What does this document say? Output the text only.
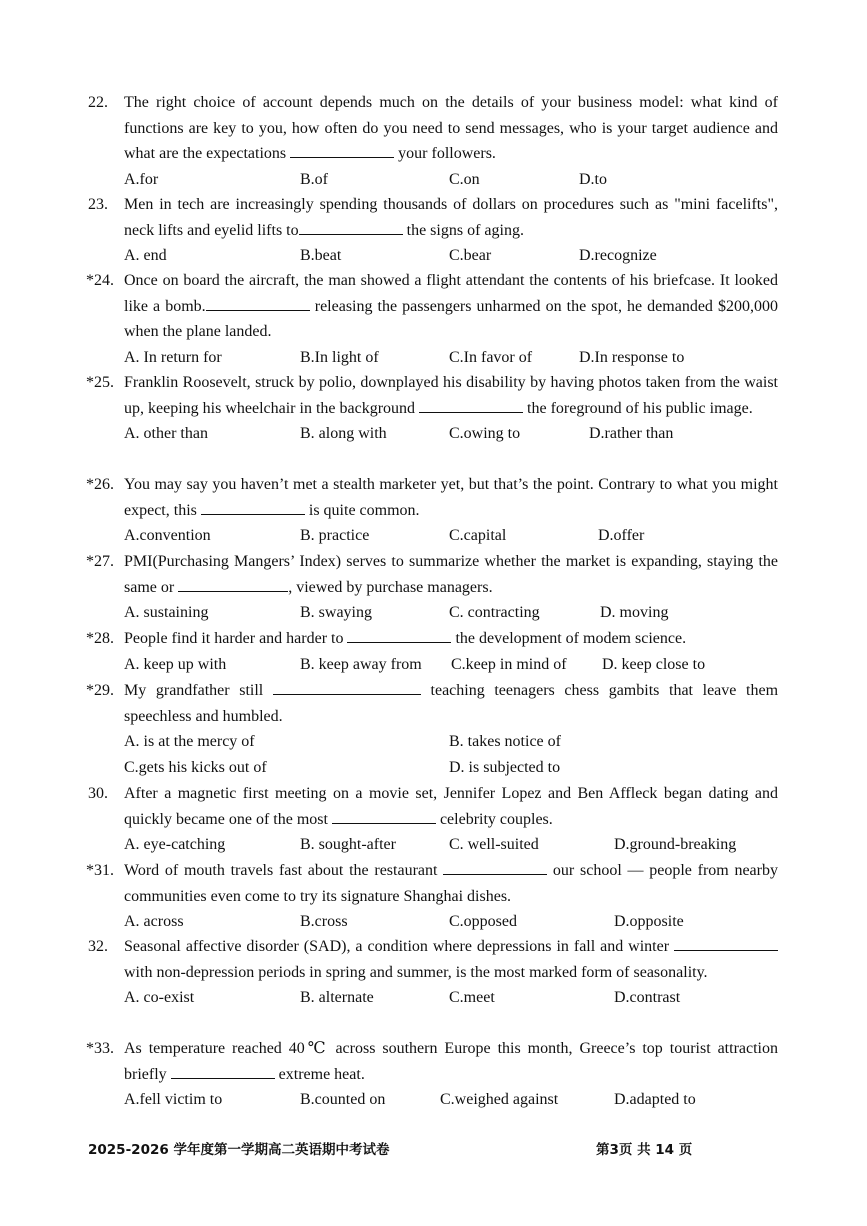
22. The right choice of account depends much on the details of your business model: what kind of functions are key to you, how often do you need to send messages, who is your target audience and what are the expectations	your followers.
A.for	B.of	C.on	D.to
23. Men in tech are increasingly spending thousands of dollars on procedures such as "mini facelifts", neck lifts and eyelid lifts to	the signs of aging.
A. end	B.beat	C.bear	D.recognize
*24. Once on board the aircraft, the man showed a flight attendant the contents of his briefcase. It looked like a bomb.	releasing the passengers unharmed on the spot, he demanded $200,000 when the plane landed.
A. In return for	B.In light of	C.In favor of	D.In response to
*25. Franklin Roosevelt, struck by polio, downplayed his disability by having photos taken from the waist up, keeping his wheelchair in the background	the foreground of his public image.
A. other than	B. along with	C.owing to	D.rather than
*26. You may say you haven’t met a stealth marketer yet, but that’s the point. Contrary to what you might expect, this	is quite common.
A.convention	B. practice	C.capital	D.offer
*27. PMI(Purchasing Mangers’ Index) serves to summarize whether the market is expanding, staying the same or	, viewed by purchase managers.
A. sustaining	B. swaying	C. contracting	D. moving
*28. People find it harder and harder to	the development of modem science.
A. keep up with	B. keep away from C.keep in mind of D. keep close to
*29. My grandfather still	teaching teenagers chess gambits that leave them speechless and humbled.
A. is at the mercy of	B. takes notice of
C.gets his kicks out of	D. is subjected to
30. After a magnetic first meeting on a movie set, Jennifer Lopez and Ben Affleck began dating and quickly became one of the most	celebrity couples.
A. eye-catching	B. sought-after	C. well-suited	D.ground-breaking
*31. Word of mouth travels fast about the restaurant	our school — people from nearby communities even come to try its signature Shanghai dishes.
A. across	B.cross	C.opposed	D.opposite
32. Seasonal affective disorder (SAD), a condition where depressions in fall and winter  with non-depression periods in spring and summer, is the most marked form of seasonality.
A. co-exist	B. alternate	C.meet	D.contrast
*33. As temperature reached 40℃ across southern Europe this month, Greece’s top tourist attraction briefly	extreme heat.
A.fell victim to	B.counted on	C.weighed against	D.adapted to
2025-2026 学年度第一学期高二英语期中考试卷	第3页 共 14 页
